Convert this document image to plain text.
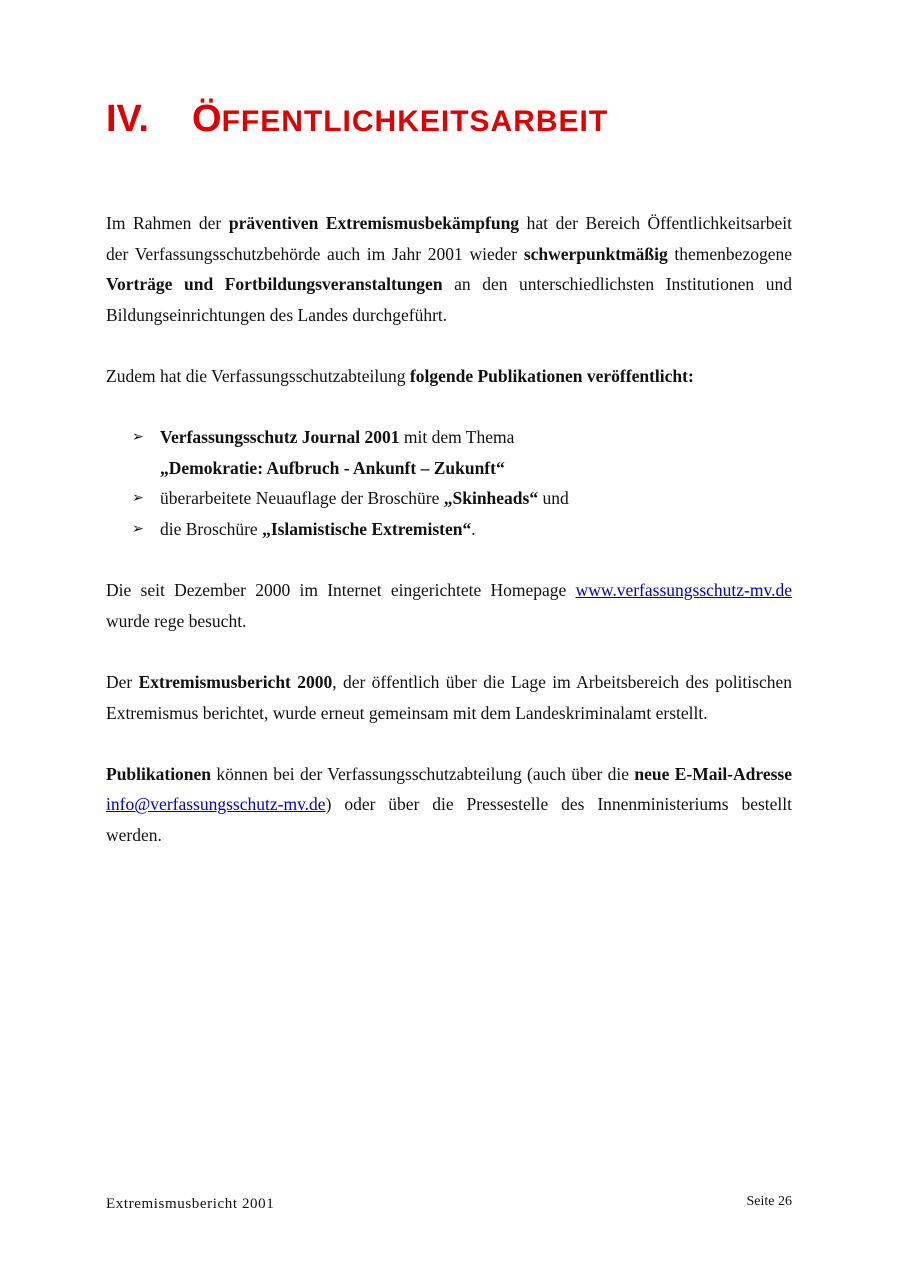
IV. ÖFFENTLICHKEITSARBEIT

Im Rahmen der präventiven Extremismusbekämpfung hat der Bereich Öffentlichkeitsarbeit der Verfassungsschutzbehörde auch im Jahr 2001 wieder schwerpunktmäßig themenbezogene Vorträge und Fortbildungsveranstaltungen an den unterschiedlichsten Institutionen und Bildungseinrichtungen des Landes durchgeführt.

Zudem hat die Verfassungsschutzabteilung folgende Publikationen veröffentlicht:

➢ Verfassungsschutz Journal 2001 mit dem Thema
„Demokratie: Aufbruch - Ankunft – Zukunft“
➢ überarbeitete Neuauflage der Broschüre „Skinheads“ und
➢ die Broschüre „Islamistische Extremisten“.

Die seit Dezember 2000 im Internet eingerichtete Homepage www.verfassungsschutz-mv.de wurde rege besucht.

Der Extremismusbericht 2000, der öffentlich über die Lage im Arbeitsbereich des politischen Extremismus berichtet, wurde erneut gemeinsam mit dem Landeskriminalamt erstellt.

Publikationen können bei der Verfassungsschutzabteilung (auch über die neue E-Mail-Adresse info@verfassungsschutz-mv.de) oder über die Pressestelle des Innenministeriums bestellt werden.

Extremismusbericht 2001	Seite 26
